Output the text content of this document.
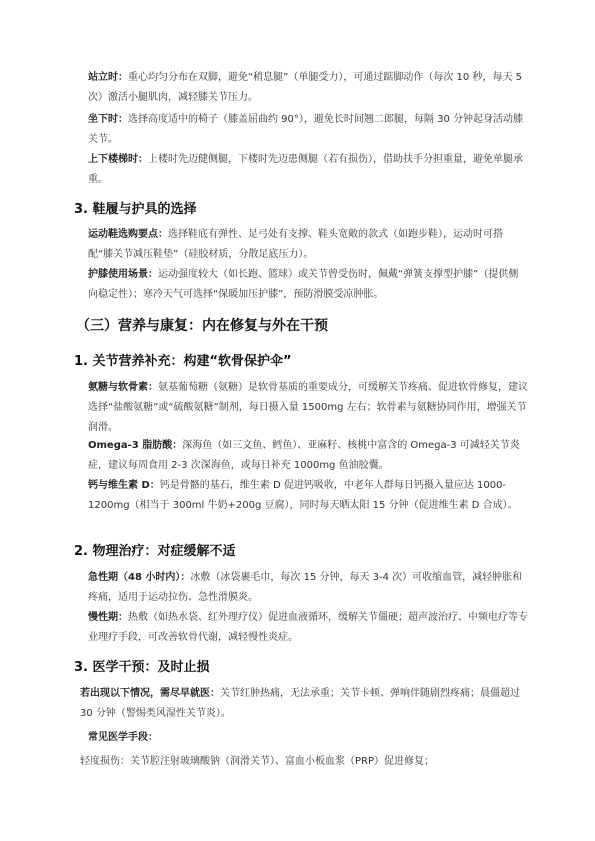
站立时：重心均匀分布在双脚，避免“稍息腿”（单腿受力），可通过踮脚动作（每次 10 秒，每天 5 次）激活小腿肌肉，减轻膝关节压力。
坐下时：选择高度适中的椅子（膝盖屈曲约 90°），避免长时间翘二郎腿，每隔 30 分钟起身活动膝关节。
上下楼梯时：上楼时先迈健侧腿，下楼时先迈患侧腿（若有损伤），借助扶手分担重量，避免单腿承重。
3. 鞋履与护具的选择
运动鞋选购要点：选择鞋底有弹性、足弓处有支撑、鞋头宽敞的款式（如跑步鞋），运动时可搭配“膝关节减压鞋垫”（硅胶材质，分散足底压力）。
护膝使用场景：运动强度较大（如长跑、篮球）或关节曾受伤时，佩戴“弹簧支撑型护膝”（提供侧向稳定性）；寒冷天气可选择“保暖加压护膝”，预防滑膜受凉肿胀。
（三）营养与康复：内在修复与外在干预
1. 关节营养补充：构建“软骨保护伞”
氨糖与软骨素：氨基葡萄糖（氨糖）是软骨基质的重要成分，可缓解关节疼痛、促进软骨修复，建议选择“盐酸氨糖”或“硫酸氨糖”制剂，每日摄入量 1500mg 左右；软骨素与氨糖协同作用，增强关节润滑。
Omega-3 脂肪酸：深海鱼（如三文鱼、鳕鱼）、亚麻籽、核桃中富含的 Omega-3 可减轻关节炎症，建议每周食用 2-3 次深海鱼，或每日补充 1000mg 鱼油胶囊。
钙与维生素 D：钙是骨骼的基石，维生素 D 促进钙吸收，中老年人群每日钙摄入量应达 1000-1200mg（相当于 300ml 牛奶+200g 豆腐），同时每天晒太阳 15 分钟（促进维生素 D 合成）。
2. 物理治疗：对症缓解不适
急性期（48 小时内）：冰敷（冰袋裹毛巾，每次 15 分钟，每天 3-4 次）可收缩血管，减轻肿胀和疼痛，适用于运动拉伤、急性滑膜炎。
慢性期：热敷（如热水袋、红外理疗仪）促进血液循环，缓解关节僵硬；超声波治疗、中频电疗等专业理疗手段，可改善软骨代谢，减轻慢性炎症。
3. 医学干预：及时止损
若出现以下情况，需尽早就医：关节红肿热痛，无法承重；关节卡顿、弹响伴随剧烈疼痛；晨僵超过 30 分钟（警惕类风湿性关节炎）。
常见医学手段：
轻度损伤：关节腔注射玻璃酸钠（润滑关节）、富血小板血浆（PRP）促进修复；
